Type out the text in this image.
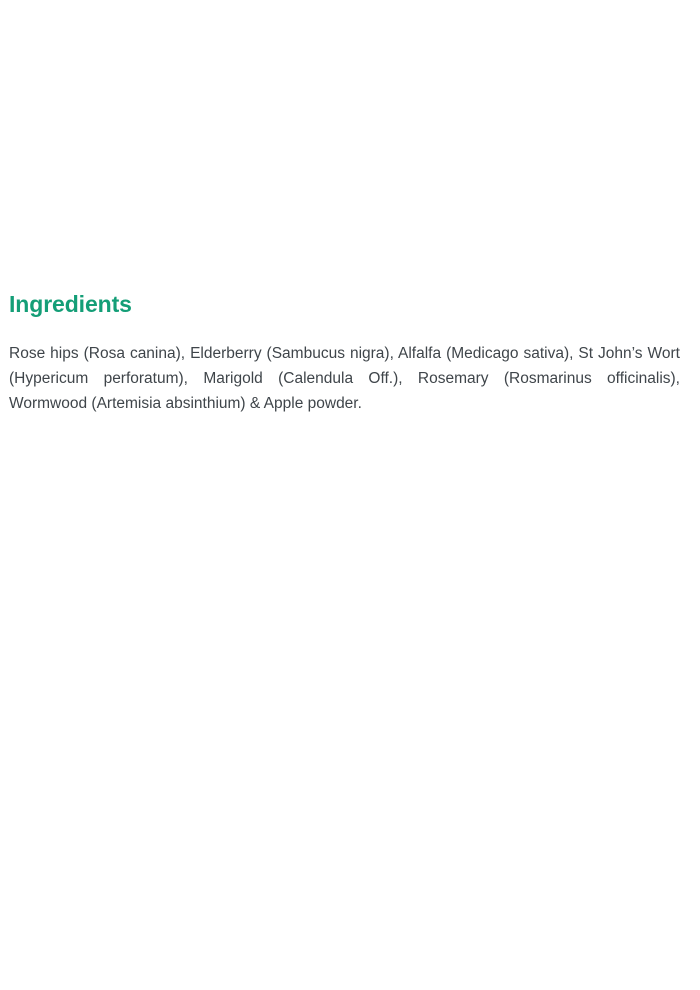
Ingredients

Rose hips (Rosa canina), Elderberry (Sambucus nigra), Alfalfa (Medicago sativa), St John’s Wort (Hypericum perforatum), Marigold (Calendula Off.), Rosemary (Rosmarinus officinalis), Wormwood (Artemisia absinthium) & Apple powder.
